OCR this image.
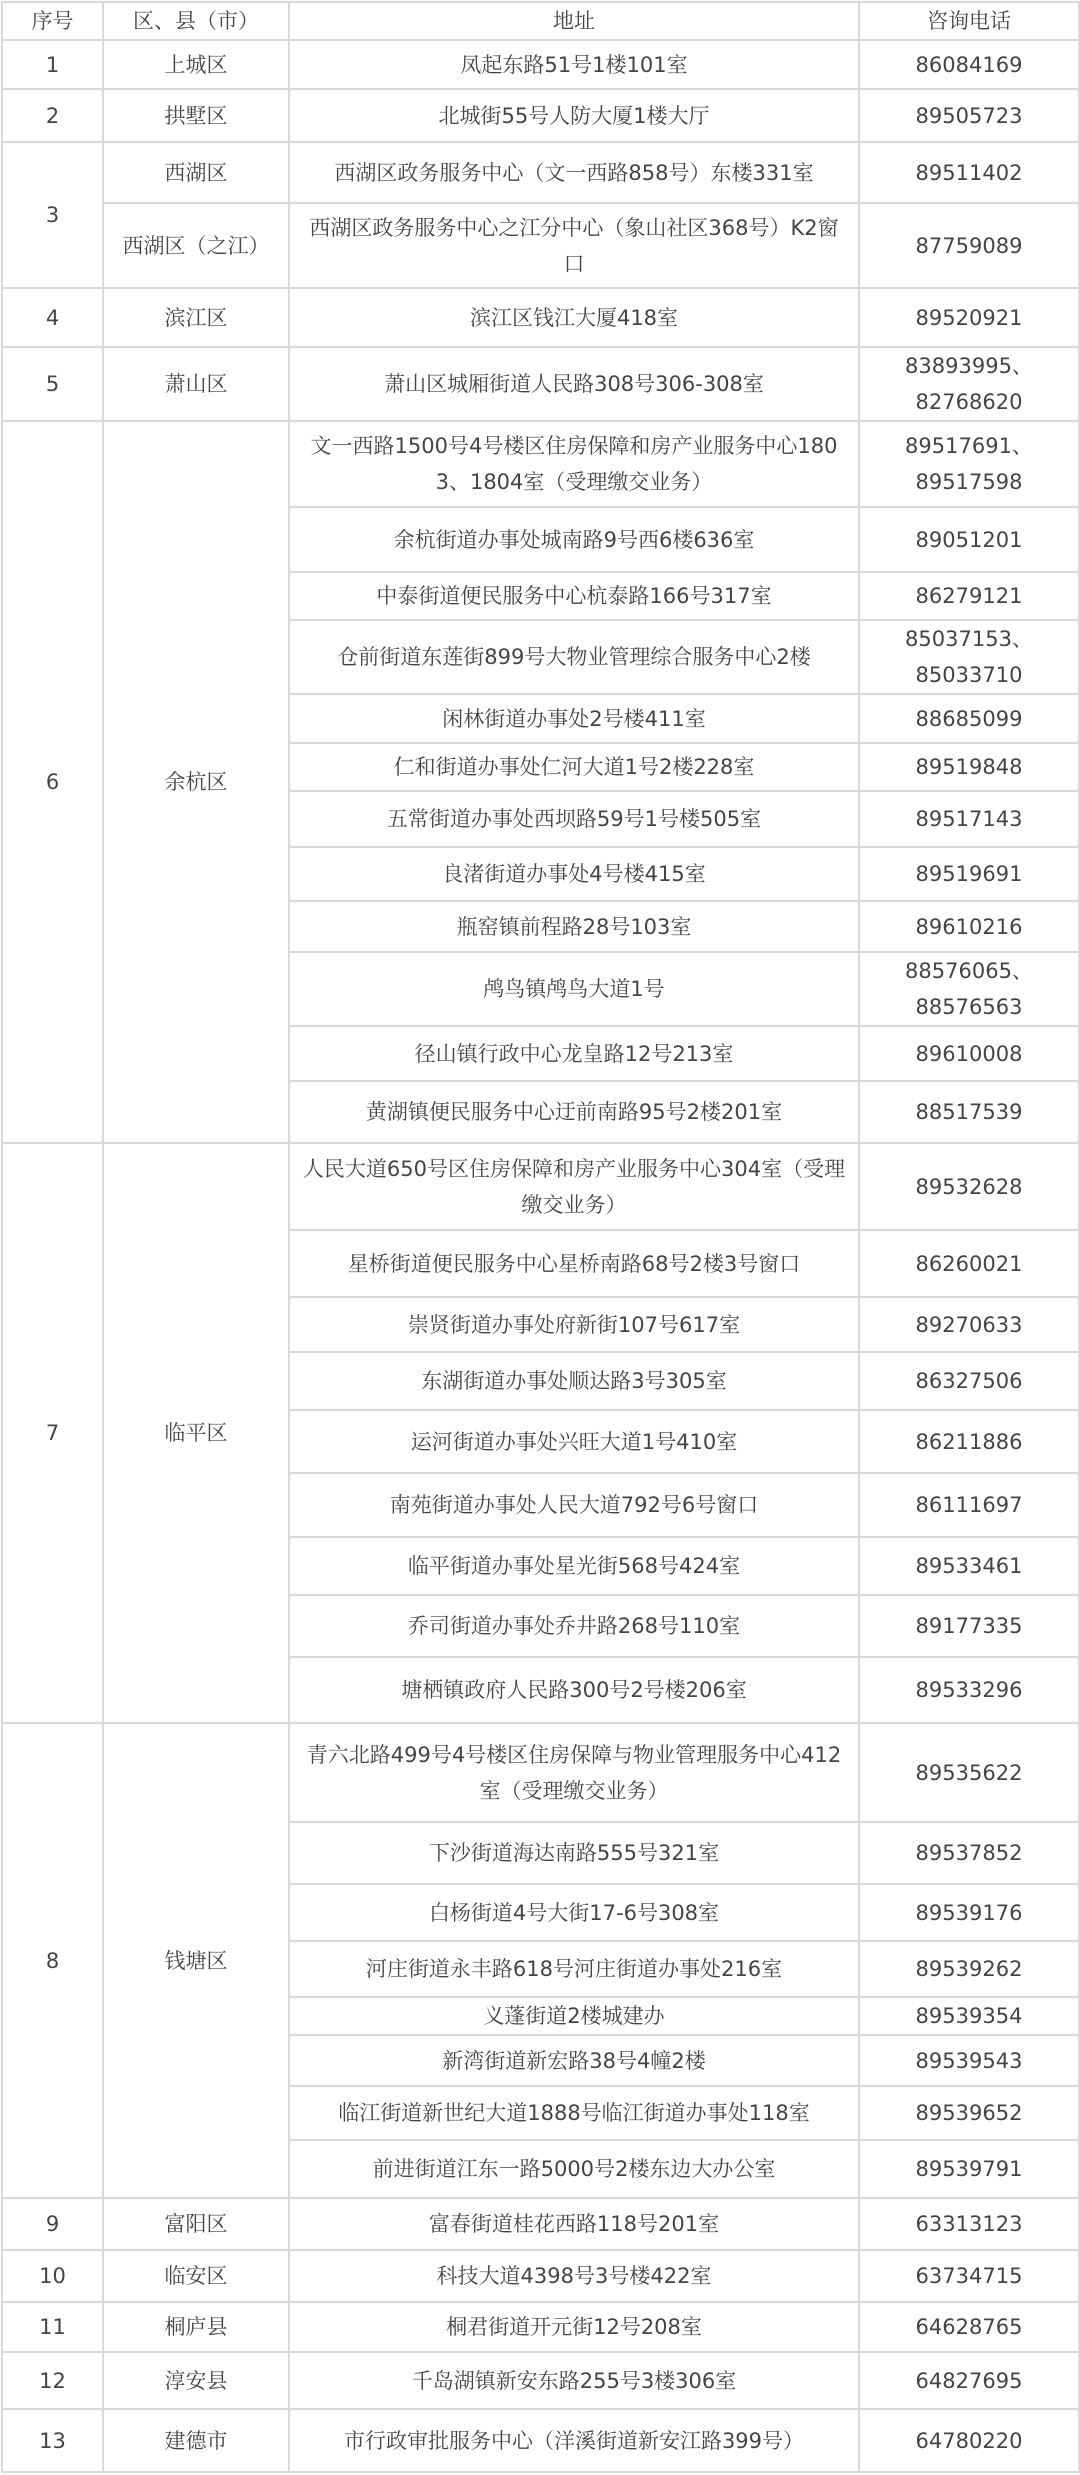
序号	区、县（市）	地址	咨询电话
1	上城区	凤起东路51号1楼101室	86084169
2	拱墅区	北城街55号人防大厦1楼大厅	89505723
3	西湖区	西湖区政务服务中心（文一西路858号）东楼331室	89511402
	西湖区（之江）	西湖区政务服务中心之江分中心（象山社区368号）K2窗口	87759089
4	滨江区	滨江区钱江大厦418室	89520921
5	萧山区	萧山区城厢街道人民路308号306-308室	83893995、82768620
6	余杭区	文一西路1500号4号楼区住房保障和房产业服务中心1803、1804室（受理缴交业务）	89517691、89517598
		余杭街道办事处城南路9号西6楼636室	89051201
		中泰街道便民服务中心杭泰路166号317室	86279121
		仓前街道东莲街899号大物业管理综合服务中心2楼	85037153、85033710
		闲林街道办事处2号楼411室	88685099
		仁和街道办事处仁河大道1号2楼228室	89519848
		五常街道办事处西坝路59号1号楼505室	89517143
		良渚街道办事处4号楼415室	89519691
		瓶窑镇前程路28号103室	89610216
		鸬鸟镇鸬鸟大道1号	88576065、88576563
		径山镇行政中心龙皇路12号213室	89610008
		黄湖镇便民服务中心迂前南路95号2楼201室	88517539
7	临平区	人民大道650号区住房保障和房产业服务中心304室（受理缴交业务）	89532628
		星桥街道便民服务中心星桥南路68号2楼3号窗口	86260021
		崇贤街道办事处府新街107号617室	89270633
		东湖街道办事处顺达路3号305室	86327506
		运河街道办事处兴旺大道1号410室	86211886
		南苑街道办事处人民大道792号6号窗口	86111697
		临平街道办事处星光街568号424室	89533461
		乔司街道办事处乔井路268号110室	89177335
		塘栖镇政府人民路300号2号楼206室	89533296
8	钱塘区	青六北路499号4号楼区住房保障与物业管理服务中心412室（受理缴交业务）	89535622
		下沙街道海达南路555号321室	89537852
		白杨街道4号大街17-6号308室	89539176
		河庄街道永丰路618号河庄街道办事处216室	89539262
		义蓬街道2楼城建办	89539354
		新湾街道新宏路38号4幢2楼	89539543
		临江街道新世纪大道1888号临江街道办事处118室	89539652
		前进街道江东一路5000号2楼东边大办公室	89539791
9	富阳区	富春街道桂花西路118号201室	63313123
10	临安区	科技大道4398号3号楼422室	63734715
11	桐庐县	桐君街道开元街12号208室	64628765
12	淳安县	千岛湖镇新安东路255号3楼306室	64827695
13	建德市	市行政审批服务中心（洋溪街道新安江路399号）	64780220
